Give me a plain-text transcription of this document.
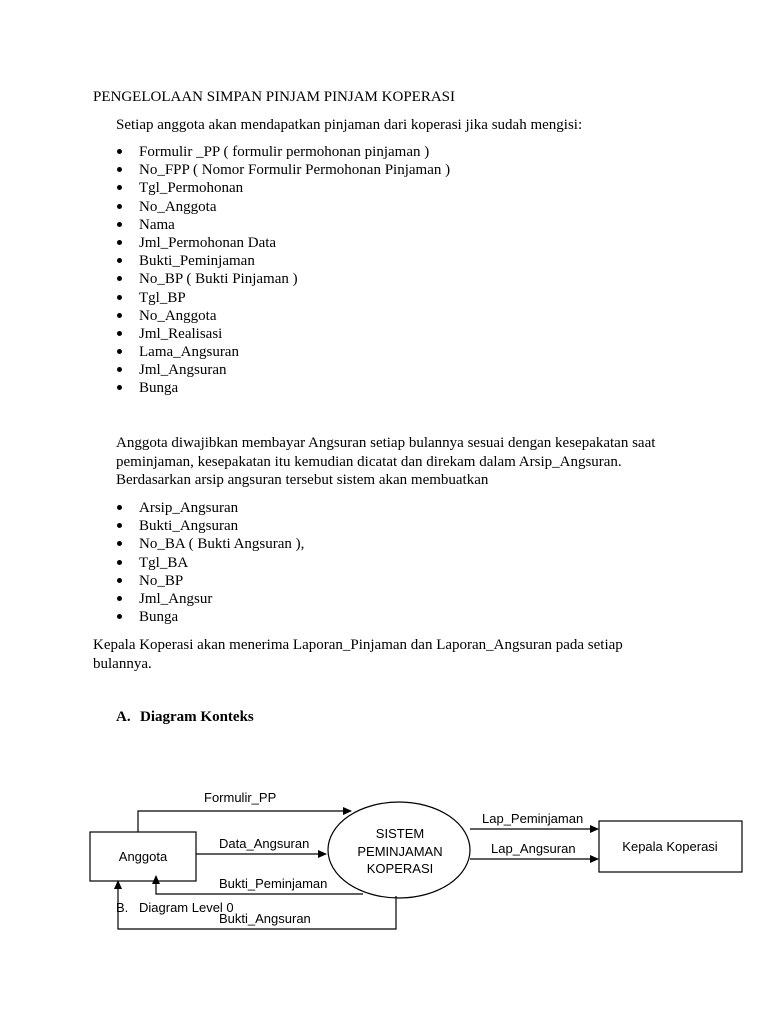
PENGELOLAAN SIMPAN PINJAM PINJAM KOPERASI
Setiap anggota akan mendapatkan pinjaman dari koperasi jika sudah mengisi:
Formulir _PP ( formulir permohonan pinjaman )
No_FPP ( Nomor Formulir Permohonan Pinjaman )
Tgl_Permohonan
No_Anggota
Nama
Jml_Permohonan Data
Bukti_Peminjaman
No_BP ( Bukti Pinjaman )
Tgl_BP
No_Anggota
Jml_Realisasi
Lama_Angsuran
Jml_Angsuran
Bunga
Anggota diwajibkan membayar Angsuran setiap bulannya sesuai dengan kesepakatan saat peminjaman, kesepakatan itu kemudian dicatat dan direkam dalam Arsip_Angsuran. Berdasarkan arsip angsuran tersebut sistem akan membuatkan
Arsip_Angsuran
Bukti_Angsuran
No_BA ( Bukti Angsuran ),
Tgl_BA
No_BP
Jml_Angsur
Bunga
Kepala Koperasi akan menerima Laporan_Pinjaman dan Laporan_Angsuran pada setiap bulannya.
A. Diagram Konteks
Anggota
SISTEM
PEMINJAMAN
KOPERASI
Kepala Koperasi
Formulir_PP
Data_Angsuran
Bukti_Peminjaman
Bukti_Angsuran
Lap_Peminjaman
Lap_Angsuran
B. Diagram Level 0
